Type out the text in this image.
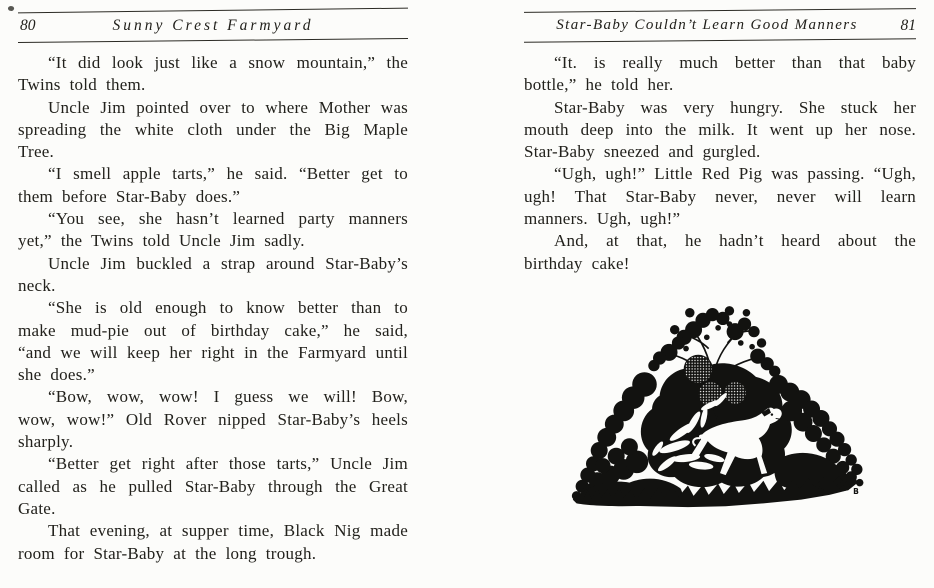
80	Sunny Crest Farmyard

“It did look just like a snow mountain,” the Twins told them.

Uncle Jim pointed over to where Mother was spreading the white cloth under the Big Maple Tree.

“I smell apple tarts,” he said. “Better get to them before Star-Baby does.”

“You see, she hasn’t learned party manners yet,” the Twins told Uncle Jim sadly.

Uncle Jim buckled a strap around Star-Baby’s neck.

“She is old enough to know better than to make mud-pie out of birthday cake,” he said, “and we will keep her right in the Farmyard until she does.”

“Bow, wow, wow! I guess we will! Bow, wow, wow!” Old Rover nipped Star-Baby’s heels sharply.

“Better get right after those tarts,” Uncle Jim called as he pulled Star-Baby through the Great Gate.

That evening, at supper time, Black Nig made room for Star-Baby at the long trough.

Star-Baby Couldn’t Learn Good Manners	81

“It. is really much better than that baby bottle,” he told her.

Star-Baby was very hungry. She stuck her mouth deep into the milk. It went up her nose. Star-Baby sneezed and gurgled.

“Ugh, ugh!” Little Red Pig was passing. “Ugh, ugh! That Star-Baby never, never will learn manners. Ugh, ugh!”

And, at that, he hadn’t heard about the birthday cake!

B
